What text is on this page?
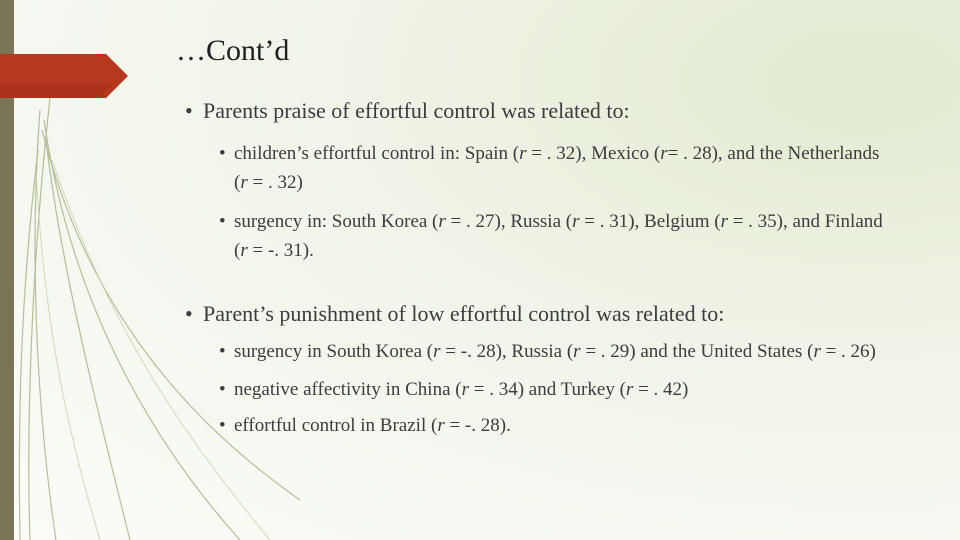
…Cont’d
• Parents praise of effortful control was related to:
• children’s effortful control in: Spain (r = . 32), Mexico (r= . 28), and the Netherlands (r = . 32)
• surgency in: South Korea (r = . 27), Russia (r = . 31), Belgium (r = . 35), and Finland (r = -. 31).
• Parent’s punishment of low effortful control was related to:
• surgency in South Korea (r = -. 28), Russia (r = . 29) and the United States (r = . 26)
• negative affectivity in China (r = . 34) and Turkey (r = . 42)
• effortful control in Brazil (r = -. 28).
